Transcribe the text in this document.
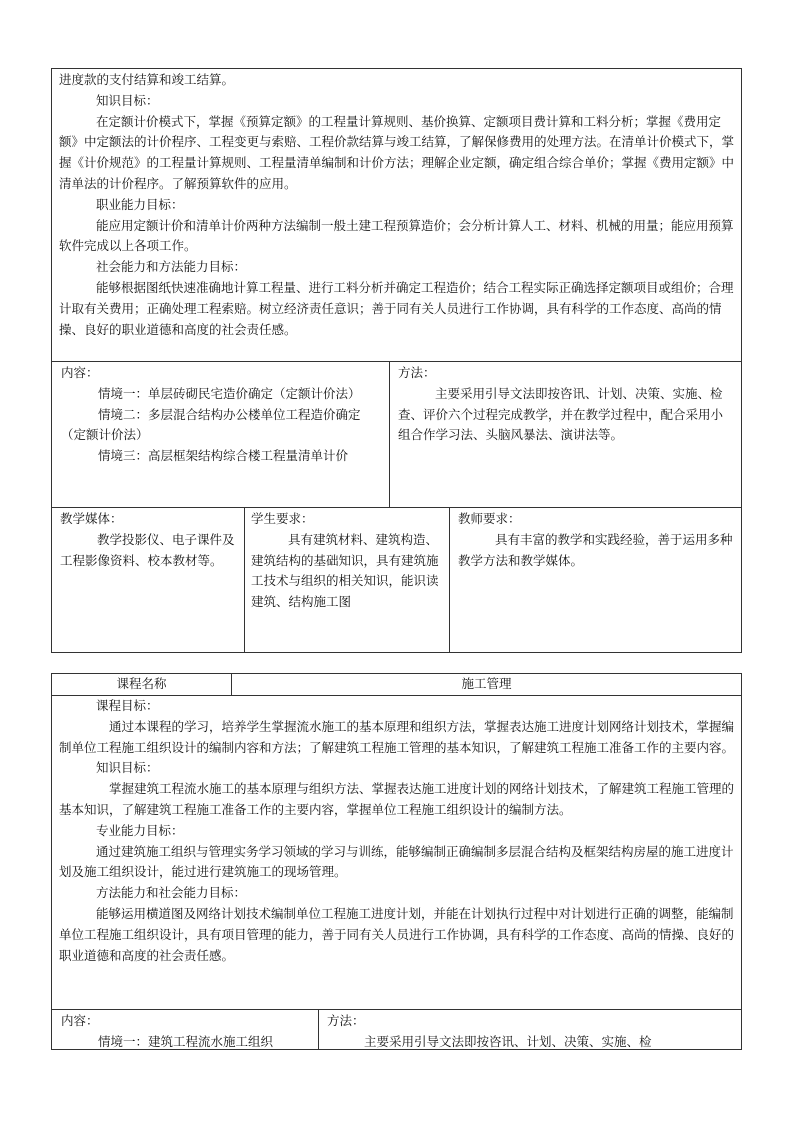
进度款的支付结算和竣工结算。

知识目标：

在定额计价模式下，掌握《预算定额》的工程量计算规则、基价换算、定额项目费计算和工料分析；掌握《费用定额》中定额法的计价程序、工程变更与索赔、工程价款结算与竣工结算，了解保修费用的处理方法。在清单计价模式下，掌握《计价规范》的工程量计算规则、工程量清单编制和计价方法；理解企业定额，确定组合综合单价；掌握《费用定额》中清单法的计价程序。了解预算软件的应用。

职业能力目标：

能应用定额计价和清单计价两种方法编制一般土建工程预算造价；会分析计算人工、材料、机械的用量；能应用预算软件完成以上各项工作。

社会能力和方法能力目标：

能够根据图纸快速准确地计算工程量、进行工料分析并确定工程造价；结合工程实际正确选择定额项目或组价；合理计取有关费用；正确处理工程索赔。树立经济责任意识；善于同有关人员进行工作协调，具有科学的工作态度、高尚的情操、良好的职业道德和高度的社会责任感。

内容：

情境一：单层砖砌民宅造价确定（定额计价法）

情境二：多层混合结构办公楼单位工程造价确定（定额计价法）

情境三：高层框架结构综合楼工程量清单计价

方法：

主要采用引导文法即按咨讯、计划、决策、实施、检查、评价六个过程完成教学，并在教学过程中，配合采用小组合作学习法、头脑风暴法、演讲法等。

教学媒体：

教学投影仪、电子课件及工程影像资料、校本教材等。

学生要求：

具有建筑材料、建筑构造、建筑结构的基础知识，具有建筑施工技术与组织的相关知识，能识读建筑、结构施工图

教师要求：

具有丰富的教学和实践经验，善于运用多种教学方法和教学媒体。

课程名称	施工管理

课程目标：

通过本课程的学习，培养学生掌握流水施工的基本原理和组织方法，掌握表达施工进度计划网络计划技术，掌握编制单位工程施工组织设计的编制内容和方法；了解建筑工程施工管理的基本知识，了解建筑工程施工准备工作的主要内容。

知识目标：

掌握建筑工程流水施工的基本原理与组织方法、掌握表达施工进度计划的网络计划技术，了解建筑工程施工管理的基本知识，了解建筑工程施工准备工作的主要内容，掌握单位工程施工组织设计的编制方法。

专业能力目标：

通过建筑施工组织与管理实务学习领域的学习与训练，能够编制正确编制多层混合结构及框架结构房屋的施工进度计划及施工组织设计，能过进行建筑施工的现场管理。

方法能力和社会能力目标：

能够运用横道图及网络计划技术编制单位工程施工进度计划，并能在计划执行过程中对计划进行正确的调整，能编制单位工程施工组织设计，具有项目管理的能力，善于同有关人员进行工作协调，具有科学的工作态度、高尚的情操、良好的职业道德和高度的社会责任感。

内容：

情境一：建筑工程流水施工组织

方法：

主要采用引导文法即按咨讯、计划、决策、实施、检
